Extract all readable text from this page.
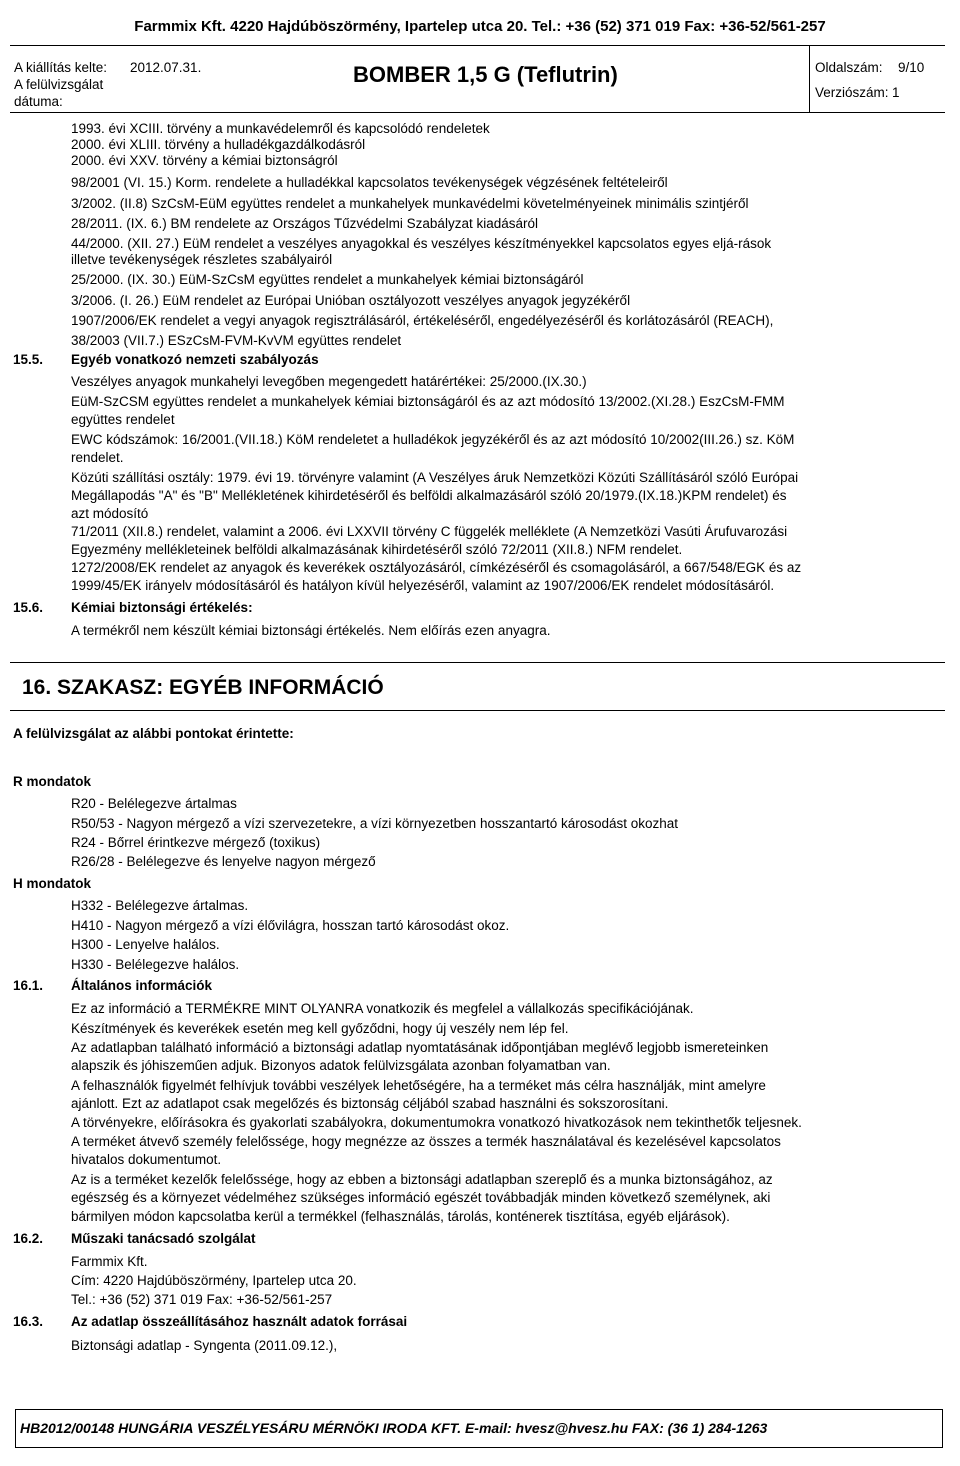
Farmmix Kft. 4220 Hajdúböszörmény, Ipartelep utca 20. Tel.: +36 (52) 371 019 Fax: +36-52/561-257
A kiállítás kelte: 2012.07.31.
A felülvizsgálat
dátuma:
BOMBER 1,5 G (Teflutrin)	Oldalszám: 9/10
Verziószám: 1
1993. évi XCIII. törvény a munkavédelemről és kapcsolódó rendeletek
2000. évi XLIII. törvény a hulladékgazdálkodásról
2000. évi XXV. törvény a kémiai biztonságról
98/2001 (VI. 15.) Korm. rendelete a hulladékkal kapcsolatos tevékenységek végzésének feltételeiről
3/2002. (II.8) SzCsM-EüM együttes rendelet a munkahelyek munkavédelmi követelményeinek minimális szintjéről
28/2011. (IX. 6.) BM rendelete az Országos Tűzvédelmi Szabályzat kiadásáról
44/2000. (XII. 27.) EüM rendelet a veszélyes anyagokkal és veszélyes készítményekkel kapcsolatos egyes eljá-rások
illetve tevékenységek részletes szabályairól
25/2000. (IX. 30.) EüM-SzCsM együttes rendelet a munkahelyek kémiai biztonságáról
3/2006. (I. 26.) EüM rendelet az Európai Unióban osztályozott veszélyes anyagok jegyzékéről
1907/2006/EK rendelet a vegyi anyagok regisztrálásáról, értékeléséről, engedélyezéséről és korlátozásáról (REACH),
38/2003 (VII.7.) ESzCsM-FVM-KvVM együttes rendelet
15.5. Egyéb vonatkozó nemzeti szabályozás
Veszélyes anyagok munkahelyi levegőben megengedett határértékei: 25/2000.(IX.30.)
EüM-SzCSM együttes rendelet a munkahelyek kémiai biztonságáról és az azt módosító 13/2002.(XI.28.) EszCsM-FMM
együttes rendelet
EWC kódszámok: 16/2001.(VII.18.) KöM rendeletet a hulladékok jegyzékéről és az azt módosító 10/2002(III.26.) sz. KöM
rendelet.
Közúti szállítási osztály: 1979. évi 19. törvényre valamint (A Veszélyes áruk Nemzetközi Közúti Szállításáról szóló Európai
Megállapodás "A" és "B" Mellékletének kihirdetéséről és belföldi alkalmazásáról szóló 20/1979.(IX.18.)KPM rendelet) és
azt módosító
71/2011 (XII.8.) rendelet, valamint a 2006. évi LXXVII törvény C függelék melléklete (A Nemzetközi Vasúti Árufuvarozási
Egyezmény mellékleteinek belföldi alkalmazásának kihirdetéséről szóló 72/2011 (XII.8.) NFM rendelet.
1272/2008/EK rendelet az anyagok és keverékek osztályozásáról, címkézéséről és csomagolásáról, a 667/548/EGK és az
1999/45/EK irányelv módosításáról és hatályon kívül helyezéséről, valamint az 1907/2006/EK rendelet módosításáról.
15.6. Kémiai biztonsági értékelés:
A termékről nem készült kémiai biztonsági értékelés. Nem előírás ezen anyagra.
16. SZAKASZ: EGYÉB INFORMÁCIÓ
A felülvizsgálat az alábbi pontokat érintette:
R mondatok
R20 - Belélegezve ártalmas
R50/53 - Nagyon mérgező a vízi szervezetekre, a vízi környezetben hosszantartó károsodást okozhat
R24 - Bőrrel érintkezve mérgező (toxikus)
R26/28 - Belélegezve és lenyelve nagyon mérgező
H mondatok
H332 - Belélegezve ártalmas.
H410 - Nagyon mérgező a vízi élővilágra, hosszan tartó károsodást okoz.
H300 - Lenyelve halálos.
H330 - Belélegezve halálos.
16.1. Általános információk
Ez az információ a TERMÉKRE MINT OLYANRA vonatkozik és megfelel a vállalkozás specifikációjának.
Készítmények és keverékek esetén meg kell győződni, hogy új veszély nem lép fel.
Az adatlapban található információ a biztonsági adatlap nyomtatásának időpontjában meglévő legjobb ismereteinken
alapszik és jóhiszeműen adjuk. Bizonyos adatok felülvizsgálata azonban folyamatban van.
A felhasználók figyelmét felhívjuk további veszélyek lehetőségére, ha a terméket más célra használják, mint amelyre
ajánlott. Ezt az adatlapot csak megelőzés és biztonság céljából szabad használni és sokszorosítani.
A törvényekre, előírásokra és gyakorlati szabályokra, dokumentumokra vonatkozó hivatkozások nem tekinthetők teljesnek.
A terméket átvevő személy felelőssége, hogy megnézze az összes a termék használatával és kezelésével kapcsolatos
hivatalos dokumentumot.
Az is a terméket kezelők felelőssége, hogy az ebben a biztonsági adatlapban szereplő és a munka biztonságához, az
egészség és a környezet védelméhez szükséges információ egészét továbbadják minden következő személynek, aki
bármilyen módon kapcsolatba kerül a termékkel (felhasználás, tárolás, konténerek tisztítása, egyéb eljárások).
16.2. Műszaki tanácsadó szolgálat
Farmmix Kft.
Cím: 4220 Hajdúböszörmény, Ipartelep utca 20.
Tel.: +36 (52) 371 019 Fax: +36-52/561-257
16.3. Az adatlap összeállításához használt adatok forrásai
Biztonsági adatlap - Syngenta (2011.09.12.),
HB2012/00148 HUNGÁRIA VESZÉLYESÁRU MÉRNÖKI IRODA KFT. E-mail: hvesz@hvesz.hu FAX: (36 1) 284-1263
